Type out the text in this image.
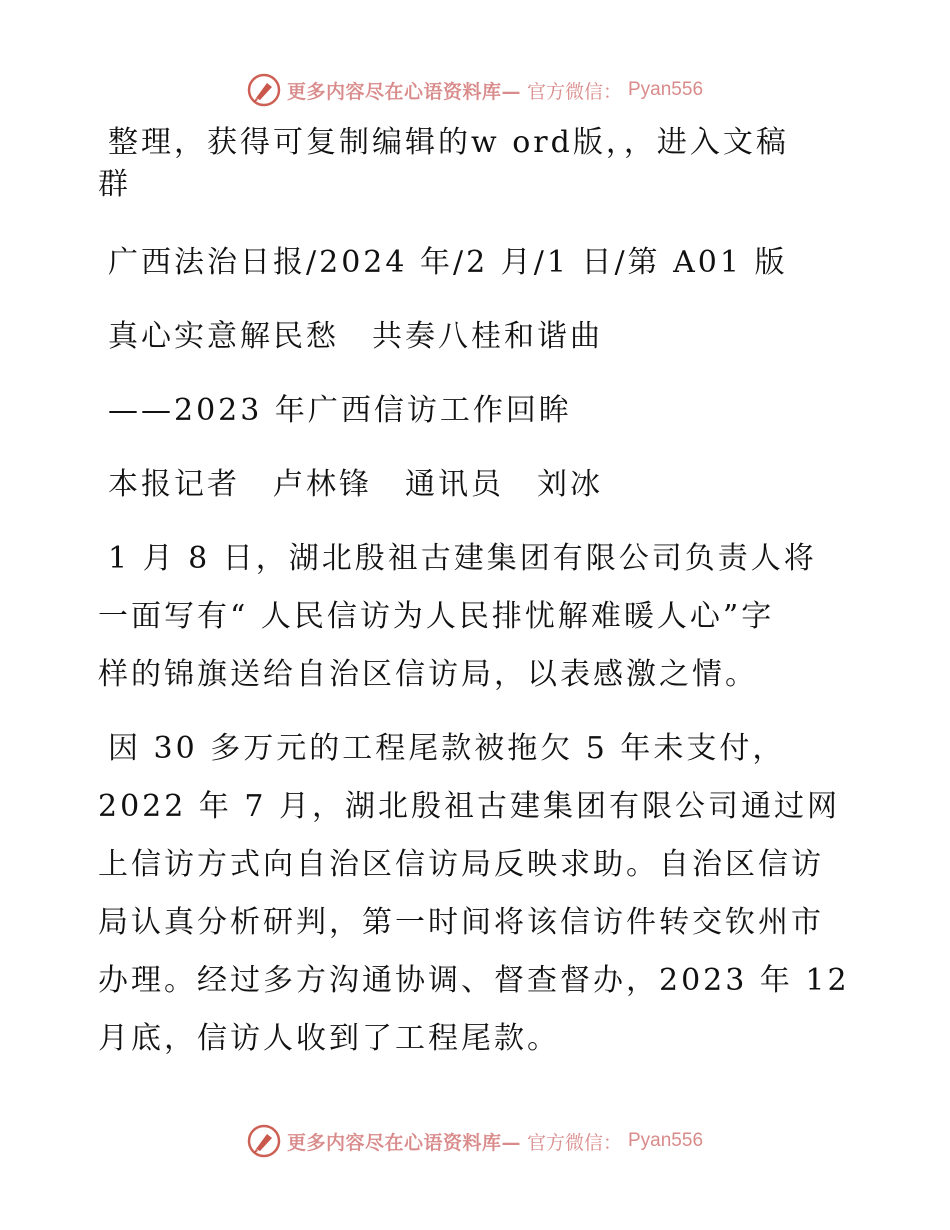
更多内容尽在心语资料库— 官方微信： Pyan556

整理，获得可复制编辑的w ord版，，进入文稿

群

广西法治日报/2024 年/2 月/1 日/第 A01 版

真心实意解民愁　共奏八桂和谐曲

——2023 年广西信访工作回眸

本报记者　卢林锋　通讯员　刘冰

1 月 8 日，湖北殷祖古建集团有限公司负责人将

一面写有“ 人民信访为人民排忧解难暖人心”字

样的锦旗送给自治区信访局，以表感激之情。

因 30 多万元的工程尾款被拖欠 5 年未支付，

2022 年 7 月，湖北殷祖古建集团有限公司通过网

上信访方式向自治区信访局反映求助。自治区信访

局认真分析研判，第一时间将该信访件转交钦州市

办理。经过多方沟通协调、督查督办，2023 年 12

月底，信访人收到了工程尾款。

更多内容尽在心语资料库— 官方微信： Pyan556
